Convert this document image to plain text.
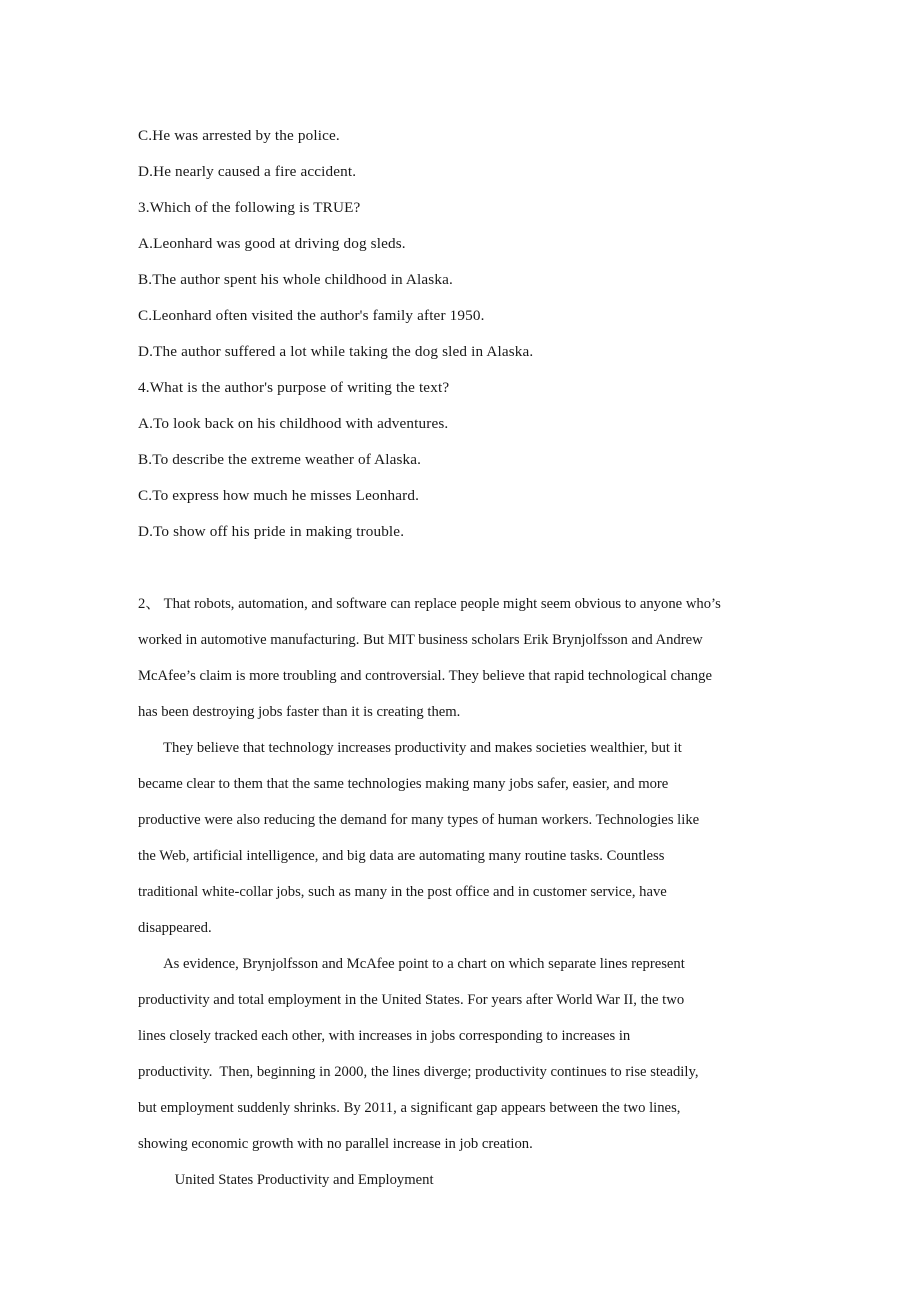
C.He was arrested by the police.
D.He nearly caused a fire accident.
3.Which of the following is TRUE?
A.Leonhard was good at driving dog sleds.
B.The author spent his whole childhood in Alaska.
C.Leonhard often visited the author's family after 1950.
D.The author suffered a lot while taking the dog sled in Alaska.
4.What is the author's purpose of writing the text?
A.To look back on his childhood with adventures.
B.To describe the extreme weather of Alaska.
C.To express how much he misses Leonhard.
D.To show off his pride in making trouble.
2、 That robots, automation, and software can replace people might seem obvious to anyone who’s
worked in automotive manufacturing. But MIT business scholars Erik Brynjolfsson and Andrew
McAfee’s claim is more troubling and controversial. They believe that rapid technological change
has been destroying jobs faster than it is creating them.
They believe that technology increases productivity and makes societies wealthier, but it
became clear to them that the same technologies making many jobs safer, easier, and more
productive were also reducing the demand for many types of human workers. Technologies like
the Web, artificial intelligence, and big data are automating many routine tasks. Countless
traditional white-collar jobs, such as many in the post office and in customer service, have
disappeared.
As evidence, Brynjolfsson and McAfee point to a chart on which separate lines represent
productivity and total employment in the United States. For years after World War II, the two
lines closely tracked each other, with increases in jobs corresponding to increases in
productivity.  Then, beginning in 2000, the lines diverge; productivity continues to rise steadily,
but employment suddenly shrinks. By 2011, a significant gap appears between the two lines,
showing economic growth with no parallel increase in job creation.
United States Productivity and Employment
